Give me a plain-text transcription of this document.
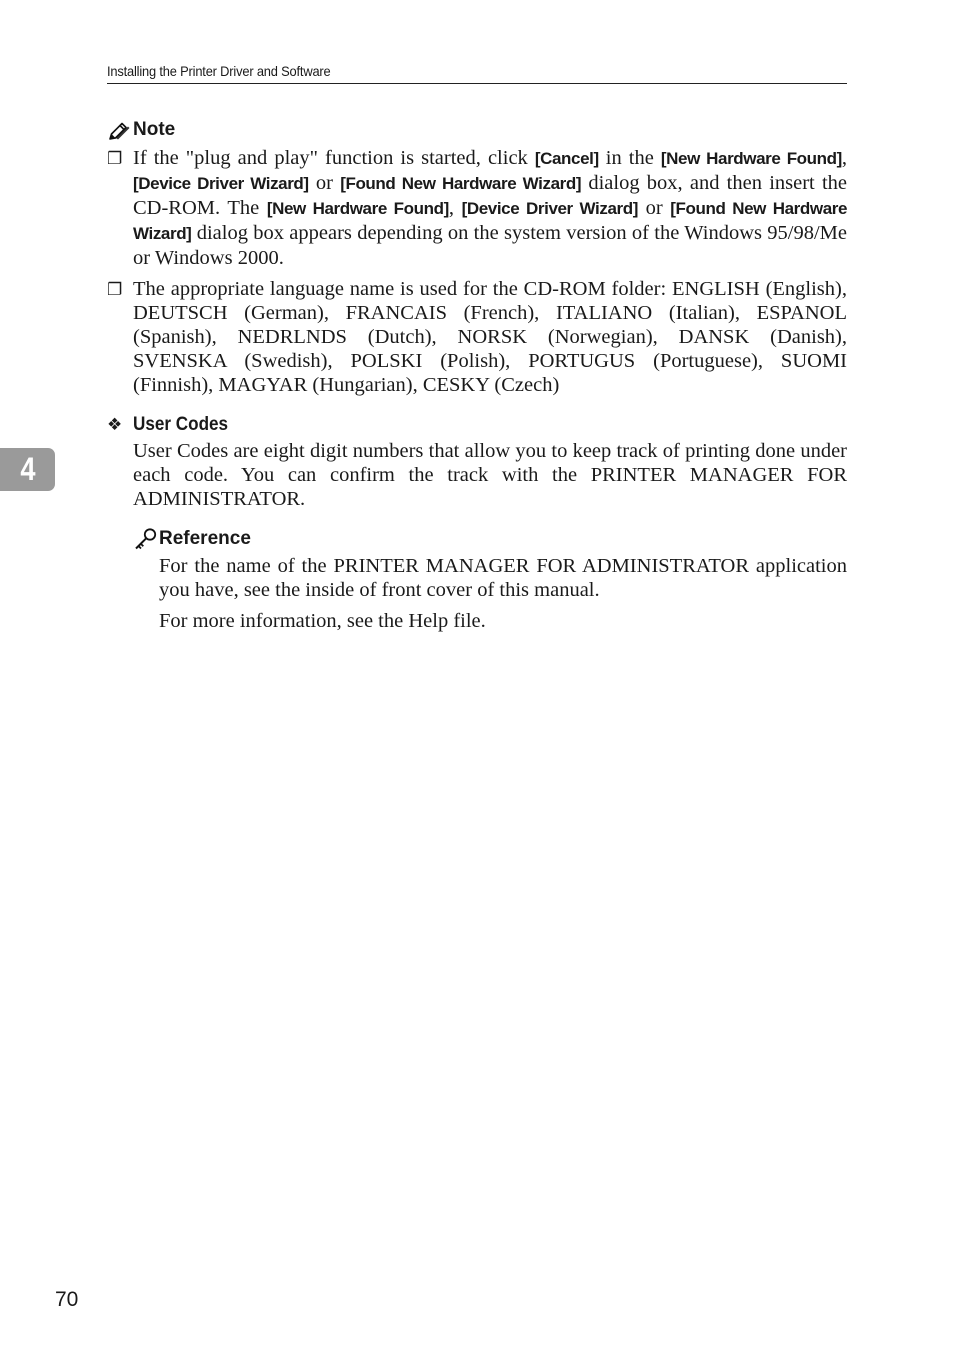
Installing the Printer Driver and Software
4
Note
❐ If the "plug and play" function is started, click [Cancel] in the [New Hardware Found], [Device Driver Wizard] or [Found New Hardware Wizard] dialog box, and then insert the CD-ROM. The [New Hardware Found], [Device Driver Wizard] or [Found New Hardware Wizard] dialog box appears depending on the system version of the Windows 95/98/Me or Windows 2000.
❐ The appropriate language name is used for the CD-ROM folder: ENGLISH (English), DEUTSCH (German), FRANCAIS (French), ITALIANO (Italian), ESPANOL (Spanish), NEDRLNDS (Dutch), NORSK (Norwegian), DANSK (Danish), SVENSKA (Swedish), POLSKI (Polish), PORTUGUS (Portuguese), SUOMI (Finnish), MAGYAR (Hungarian), CESKY (Czech)
❖ User Codes
User Codes are eight digit numbers that allow you to keep track of printing done under each code. You can confirm the track with the PRINTER MANAGER FOR ADMINISTRATOR.
Reference

For the name of the PRINTER MANAGER FOR ADMINISTRATOR application you have, see the inside of front cover of this manual.

For more information, see the Help file.

70
